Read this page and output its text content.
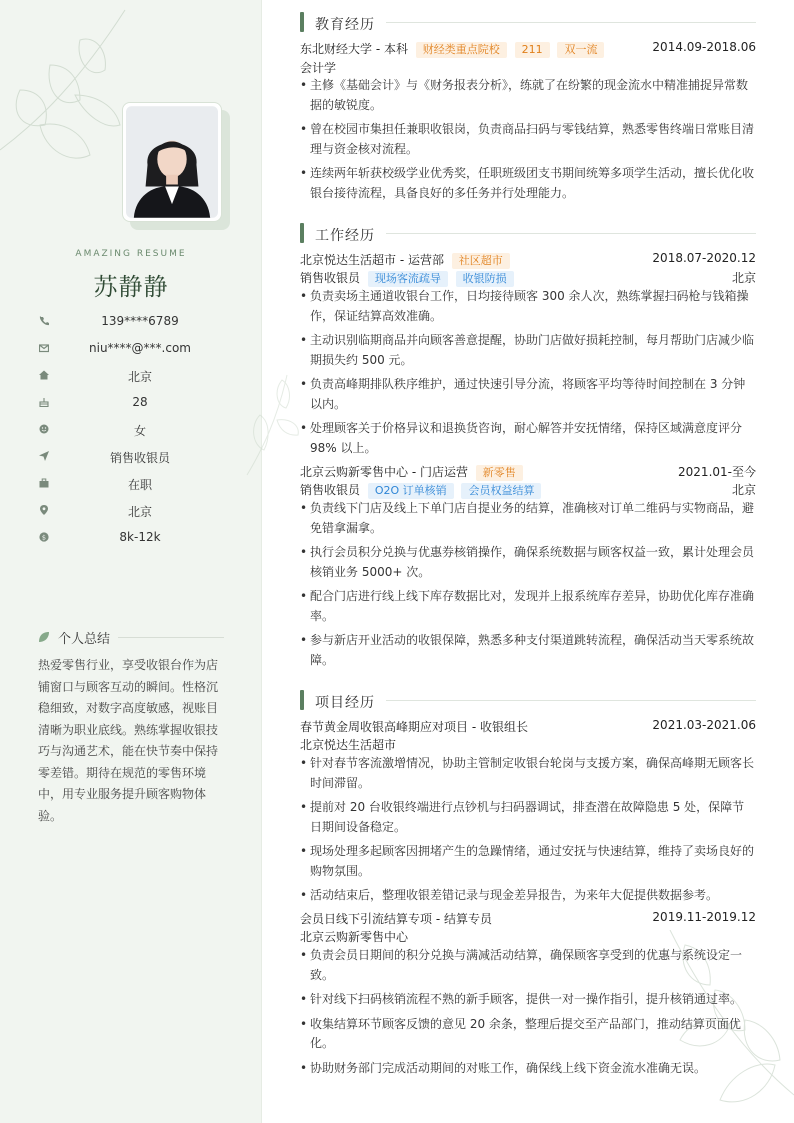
AMAZING RESUME
苏静静
139****6789
niu****@***.com
北京
28
女
销售收银员
在职
北京
$	8k-12k
个人总结
热爱零售行业，享受收银台作为店铺窗口与顾客互动的瞬间。性格沉稳细致，对数字高度敏感，视账目清晰为职业底线。熟练掌握收银技巧与沟通艺术，能在快节奏中保持零差错。期待在规范的零售环境中，用专业服务提升顾客购物体验。
教育经历
东北财经大学 - 本科 财经类重点院校 211 双一流	2014.09-2018.06
会计学
• 主修《基础会计》与《财务报表分析》，练就了在纷繁的现金流水中精准捕捉异常数据的敏锐度。
• 曾在校园市集担任兼职收银岗，负责商品扫码与零钱结算，熟悉零售终端日常账目清理与资金核对流程。
• 连续两年斩获校级学业优秀奖，任职班级团支书期间统筹多项学生活动，擅长优化收银台接待流程，具备良好的多任务并行处理能力。
工作经历
北京悦达生活超市 - 运营部 社区超市	2018.07-2020.12
销售收银员 现场客流疏导 收银防损	北京
• 负责卖场主通道收银台工作，日均接待顾客 300 余人次，熟练掌握扫码枪与钱箱操作，保证结算高效准确。
• 主动识别临期商品并向顾客善意提醒，协助门店做好损耗控制，每月帮助门店减少临期损失约 500 元。
• 负责高峰期排队秩序维护，通过快速引导分流，将顾客平均等待时间控制在 3 分钟以内。
• 处理顾客关于价格异议和退换货咨询，耐心解答并安抚情绪，保持区域满意度评分 98% 以上。
北京云购新零售中心 - 门店运营 新零售	2021.01-至今
销售收银员 O2O 订单核销 会员权益结算	北京
• 负责线下门店及线上下单门店自提业务的结算，准确核对订单二维码与实物商品，避免错拿漏拿。
• 执行会员积分兑换与优惠券核销操作，确保系统数据与顾客权益一致，累计处理会员核销业务 5000+ 次。
• 配合门店进行线上线下库存数据比对，发现并上报系统库存差异，协助优化库存准确率。
• 参与新店开业活动的收银保障，熟悉多种支付渠道跳转流程，确保活动当天零系统故障。
项目经历
春节黄金周收银高峰期应对项目 - 收银组长	2021.03-2021.06
北京悦达生活超市
• 针对春节客流激增情况，协助主管制定收银台轮岗与支援方案，确保高峰期无顾客长时间滞留。
• 提前对 20 台收银终端进行点钞机与扫码器调试，排查潜在故障隐患 5 处，保障节日期间设备稳定。
• 现场处理多起顾客因拥堵产生的急躁情绪，通过安抚与快速结算，维持了卖场良好的购物氛围。
• 活动结束后，整理收银差错记录与现金差异报告，为来年大促提供数据参考。
会员日线下引流结算专项 - 结算专员	2019.11-2019.12
北京云购新零售中心
• 负责会员日期间的积分兑换与满减活动结算，确保顾客享受到的优惠与系统设定一致。
• 针对线下扫码核销流程不熟的新手顾客，提供一对一操作指引，提升核销通过率。
• 收集结算环节顾客反馈的意见 20 余条，整理后提交至产品部门，推动结算页面优化。
• 协助财务部门完成活动期间的对账工作，确保线上线下资金流水准确无误。
